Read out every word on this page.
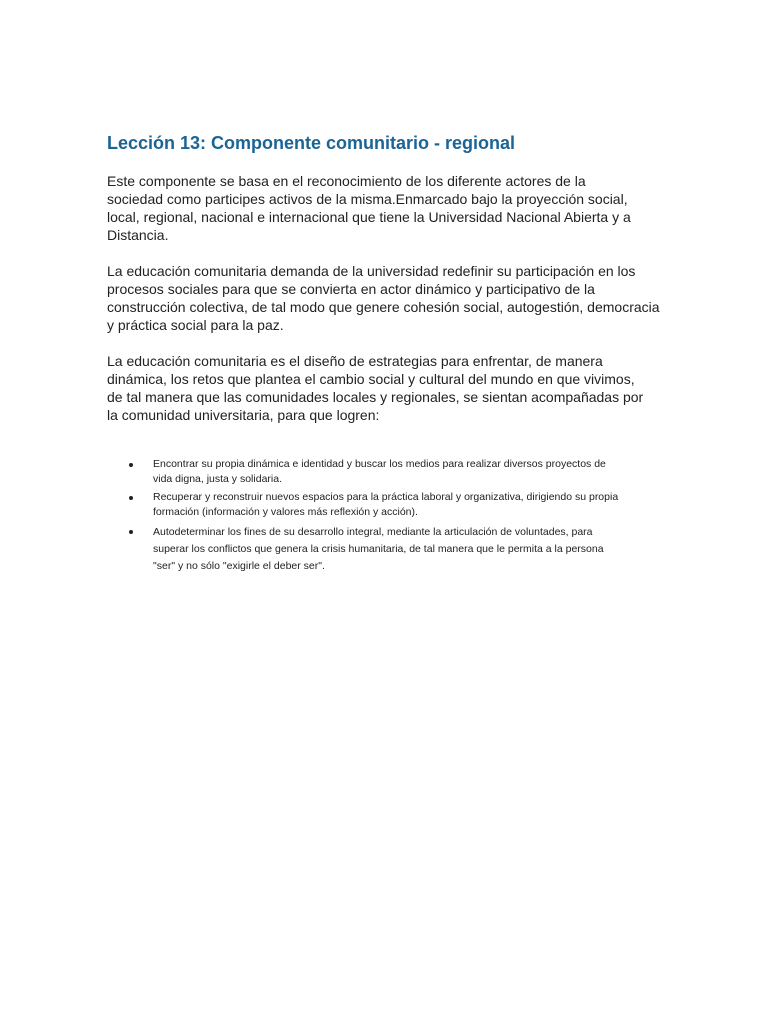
Lección 13: Componente comunitario - regional

Este componente se basa en el reconocimiento de los diferente actores de la sociedad como participes activos de la misma.Enmarcado bajo la proyección social, local, regional, nacional e internacional que tiene la Universidad Nacional Abierta y a Distancia.

La educación comunitaria demanda de la universidad redefinir su participación en los procesos sociales para que se convierta en actor dinámico y participativo de la construcción colectiva, de tal modo que genere cohesión social, autogestión, democracia y práctica social para la paz.

La educación comunitaria es el diseño de estrategias para enfrentar, de manera dinámica, los retos que plantea el cambio social y cultural del mundo en que vivimos, de tal manera que las comunidades locales y regionales, se sientan acompañadas por la comunidad universitaria, para que logren:

Encontrar su propia dinámica e identidad y buscar los medios para realizar diversos proyectos de vida digna, justa y solidaria.
Recuperar y reconstruir nuevos espacios para la práctica laboral y organizativa, dirigiendo su propia formación (información y valores más reflexión y acción).
Autodeterminar los fines de su desarrollo integral, mediante la articulación de voluntades, para superar los conflictos que genera la crisis humanitaria, de tal manera que le permita a la persona "ser" y no sólo "exigirle el deber ser".
